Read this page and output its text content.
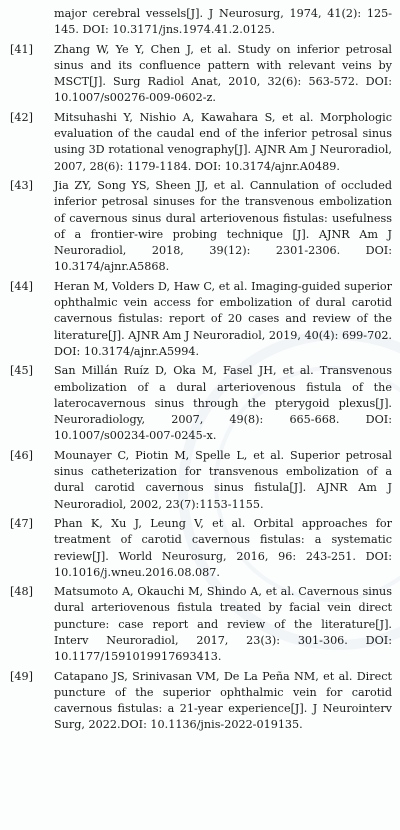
major cerebral vessels[J]. J Neurosurg, 1974, 41(2): 125-145. DOI: 10.3171/jns.1974.41.2.0125.
[41]	Zhang W, Ye Y, Chen J, et al. Study on inferior petrosal sinus and its confluence pattern with relevant veins by MSCT[J]. Surg Radiol Anat, 2010, 32(6): 563-572. DOI: 10.1007/s00276-009-0602-z.
[42]	Mitsuhashi Y, Nishio A, Kawahara S, et al. Morphologic evaluation of the caudal end of the inferior petrosal sinus using 3D rotational venography[J]. AJNR Am J Neuroradiol, 2007, 28(6): 1179-1184. DOI: 10.3174/ajnr.A0489.
[43]	Jia ZY, Song YS, Sheen JJ, et al. Cannulation of occluded inferior petrosal sinuses for the transvenous embolization of cavernous sinus dural arteriovenous fistulas: usefulness of a frontier-wire probing technique [J]. AJNR Am J Neuroradiol, 2018, 39(12): 2301-2306. DOI: 10.3174/ajnr.A5868.
[44]	Heran M, Volders D, Haw C, et al. Imaging-guided superior ophthalmic vein access for embolization of dural carotid cavernous fistulas: report of 20 cases and review of the literature[J]. AJNR Am J Neuroradiol, 2019, 40(4): 699-702. DOI: 10.3174/ajnr.A5994.
[45]	San Millán Ruíz D, Oka M, Fasel JH, et al. Transvenous embolization of a dural arteriovenous fistula of the laterocavernous sinus through the pterygoid plexus[J]. Neuroradiology, 2007, 49(8): 665-668. DOI: 10.1007/s00234-007-0245-x.
[46]	Mounayer C, Piotin M, Spelle L, et al. Superior petrosal sinus catheterization for transvenous embolization of a dural carotid cavernous sinus fistula[J]. AJNR Am J Neuroradiol, 2002, 23(7):1153-1155.
[47]	Phan K, Xu J, Leung V, et al. Orbital approaches for treatment of carotid cavernous fistulas: a systematic review[J]. World Neurosurg, 2016, 96: 243-251. DOI: 10.1016/j.wneu.2016.08.087.
[48]	Matsumoto A, Okauchi M, Shindo A, et al. Cavernous sinus dural arteriovenous fistula treated by facial vein direct puncture: case report and review of the literature[J]. Interv Neuroradiol, 2017, 23(3): 301-306. DOI: 10.1177/1591019917693413.
[49]	Catapano JS, Srinivasan VM, De La Peña NM, et al. Direct puncture of the superior ophthalmic vein for carotid cavernous fistulas: a 21-year experience[J]. J Neurointerv Surg, 2022.DOI: 10.1136/jnis-2022-019135.
